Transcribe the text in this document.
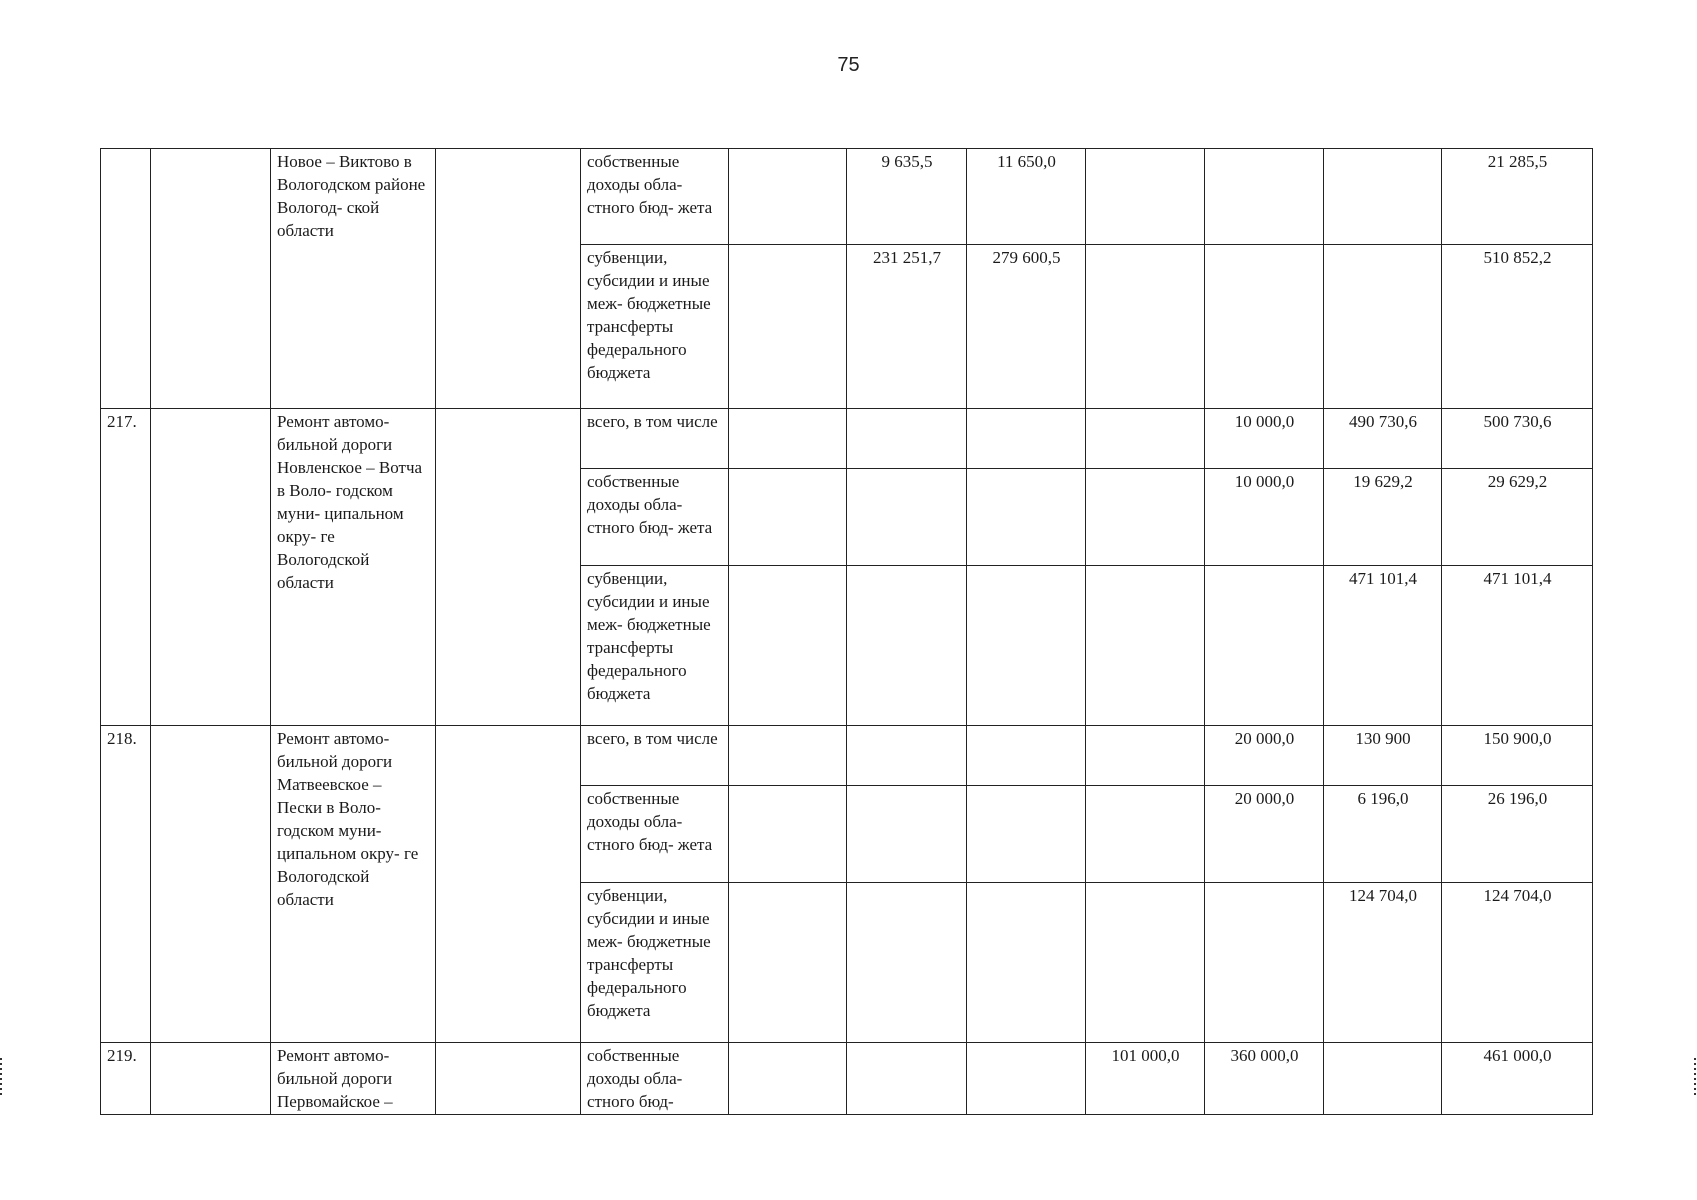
75
		Новое – Виктово в Вологодском районе Вологод- ской области		собственные доходы обла- стного бюд- жета		9 635,5	11 650,0				21 285,5
				субвенции, субсидии и иные меж- бюджетные трансферты федерального бюджета		231 251,7	279 600,5				510 852,2
217.		Ремонт автомо- бильной дороги Новленское – Вотча в Воло- годском муни- ципальном окру- ге Вологодской области		всего, в том числе					10 000,0	490 730,6	500 730,6
				собственные доходы обла- стного бюд- жета					10 000,0	19 629,2	29 629,2
				субвенции, субсидии и иные меж- бюджетные трансферты федерального бюджета						471 101,4	471 101,4
218.		Ремонт автомо- бильной дороги Матвеевское – Пески в Воло- годском муни- ципальном окру- ге Вологодской области		всего, в том числе					20 000,0	130 900	150 900,0
				собственные доходы обла- стного бюд- жета					20 000,0	6 196,0	26 196,0
				субвенции, субсидии и иные меж- бюджетные трансферты федерального бюджета						124 704,0	124 704,0
219.		Ремонт автомо- бильной дороги Первомайское –		собственные доходы обла- стного бюд-				101 000,0	360 000,0		461 000,0
